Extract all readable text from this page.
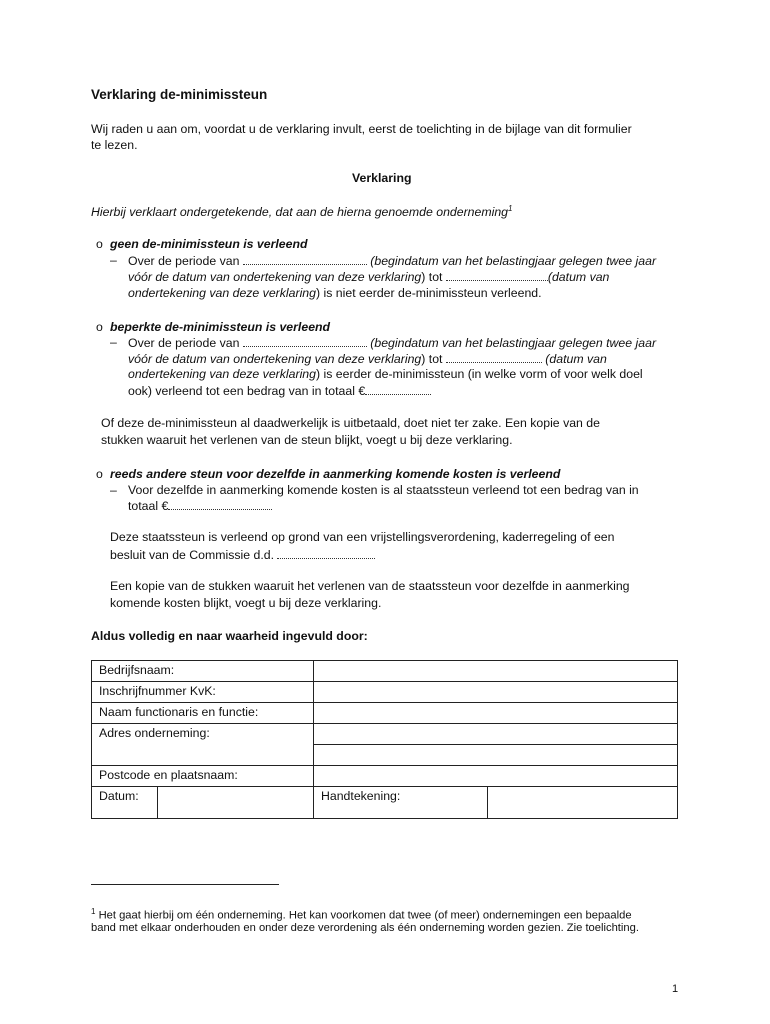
Verklaring de-minimissteun
Wij raden u aan om, voordat u de verklaring invult, eerst de toelichting in de bijlage van dit formulier
te lezen.
Verklaring
Hierbij verklaart ondergetekende, dat aan de hierna genoemde onderneming$^1$
o geen de-minimissteun is verleend
– Over de periode van	(begindatum van het belastingjaar gelegen twee jaar
vóór de datum van ondertekening van deze verklaring) tot	(datum van
ondertekening van deze verklaring) is niet eerder de-minimissteun verleend.
o beperkte de-minimissteun is verleend
– Over de periode van	(begindatum van het belastingjaar gelegen twee jaar
vóór de datum van ondertekening van deze verklaring) tot	(datum van
ondertekening van deze verklaring) is eerder de-minimissteun (in welke vorm of voor welk doel
ook) verleend tot een bedrag van in totaal €
Of deze de-minimissteun al daadwerkelijk is uitbetaald, doet niet ter zake. Een kopie van de
stukken waaruit het verlenen van de steun blijkt, voegt u bij deze verklaring.
o reeds andere steun voor dezelfde in aanmerking komende kosten is verleend
– Voor dezelfde in aanmerking komende kosten is al staatssteun verleend tot een bedrag van in
totaal €
Deze staatssteun is verleend op grond van een vrijstellingsverordening, kaderregeling of een
besluit van de Commissie d.d.
Een kopie van de stukken waaruit het verlenen van de staatssteun voor dezelfde in aanmerking
komende kosten blijkt, voegt u bij deze verklaring.
Aldus volledig en naar waarheid ingevuld door:
Bedrijfsnaam:			
Inschrijfnummer KvK:			
Naam functionaris en functie:			
Adres onderneming:			

Postcode en plaatsnaam:			
Datum:		Handtekening:	
$^1$ Het gaat hierbij om één onderneming. Het kan voorkomen dat twee (of meer) ondernemingen een bepaalde
band met elkaar onderhouden en onder deze verordening als één onderneming worden gezien. Zie toelichting.
1
